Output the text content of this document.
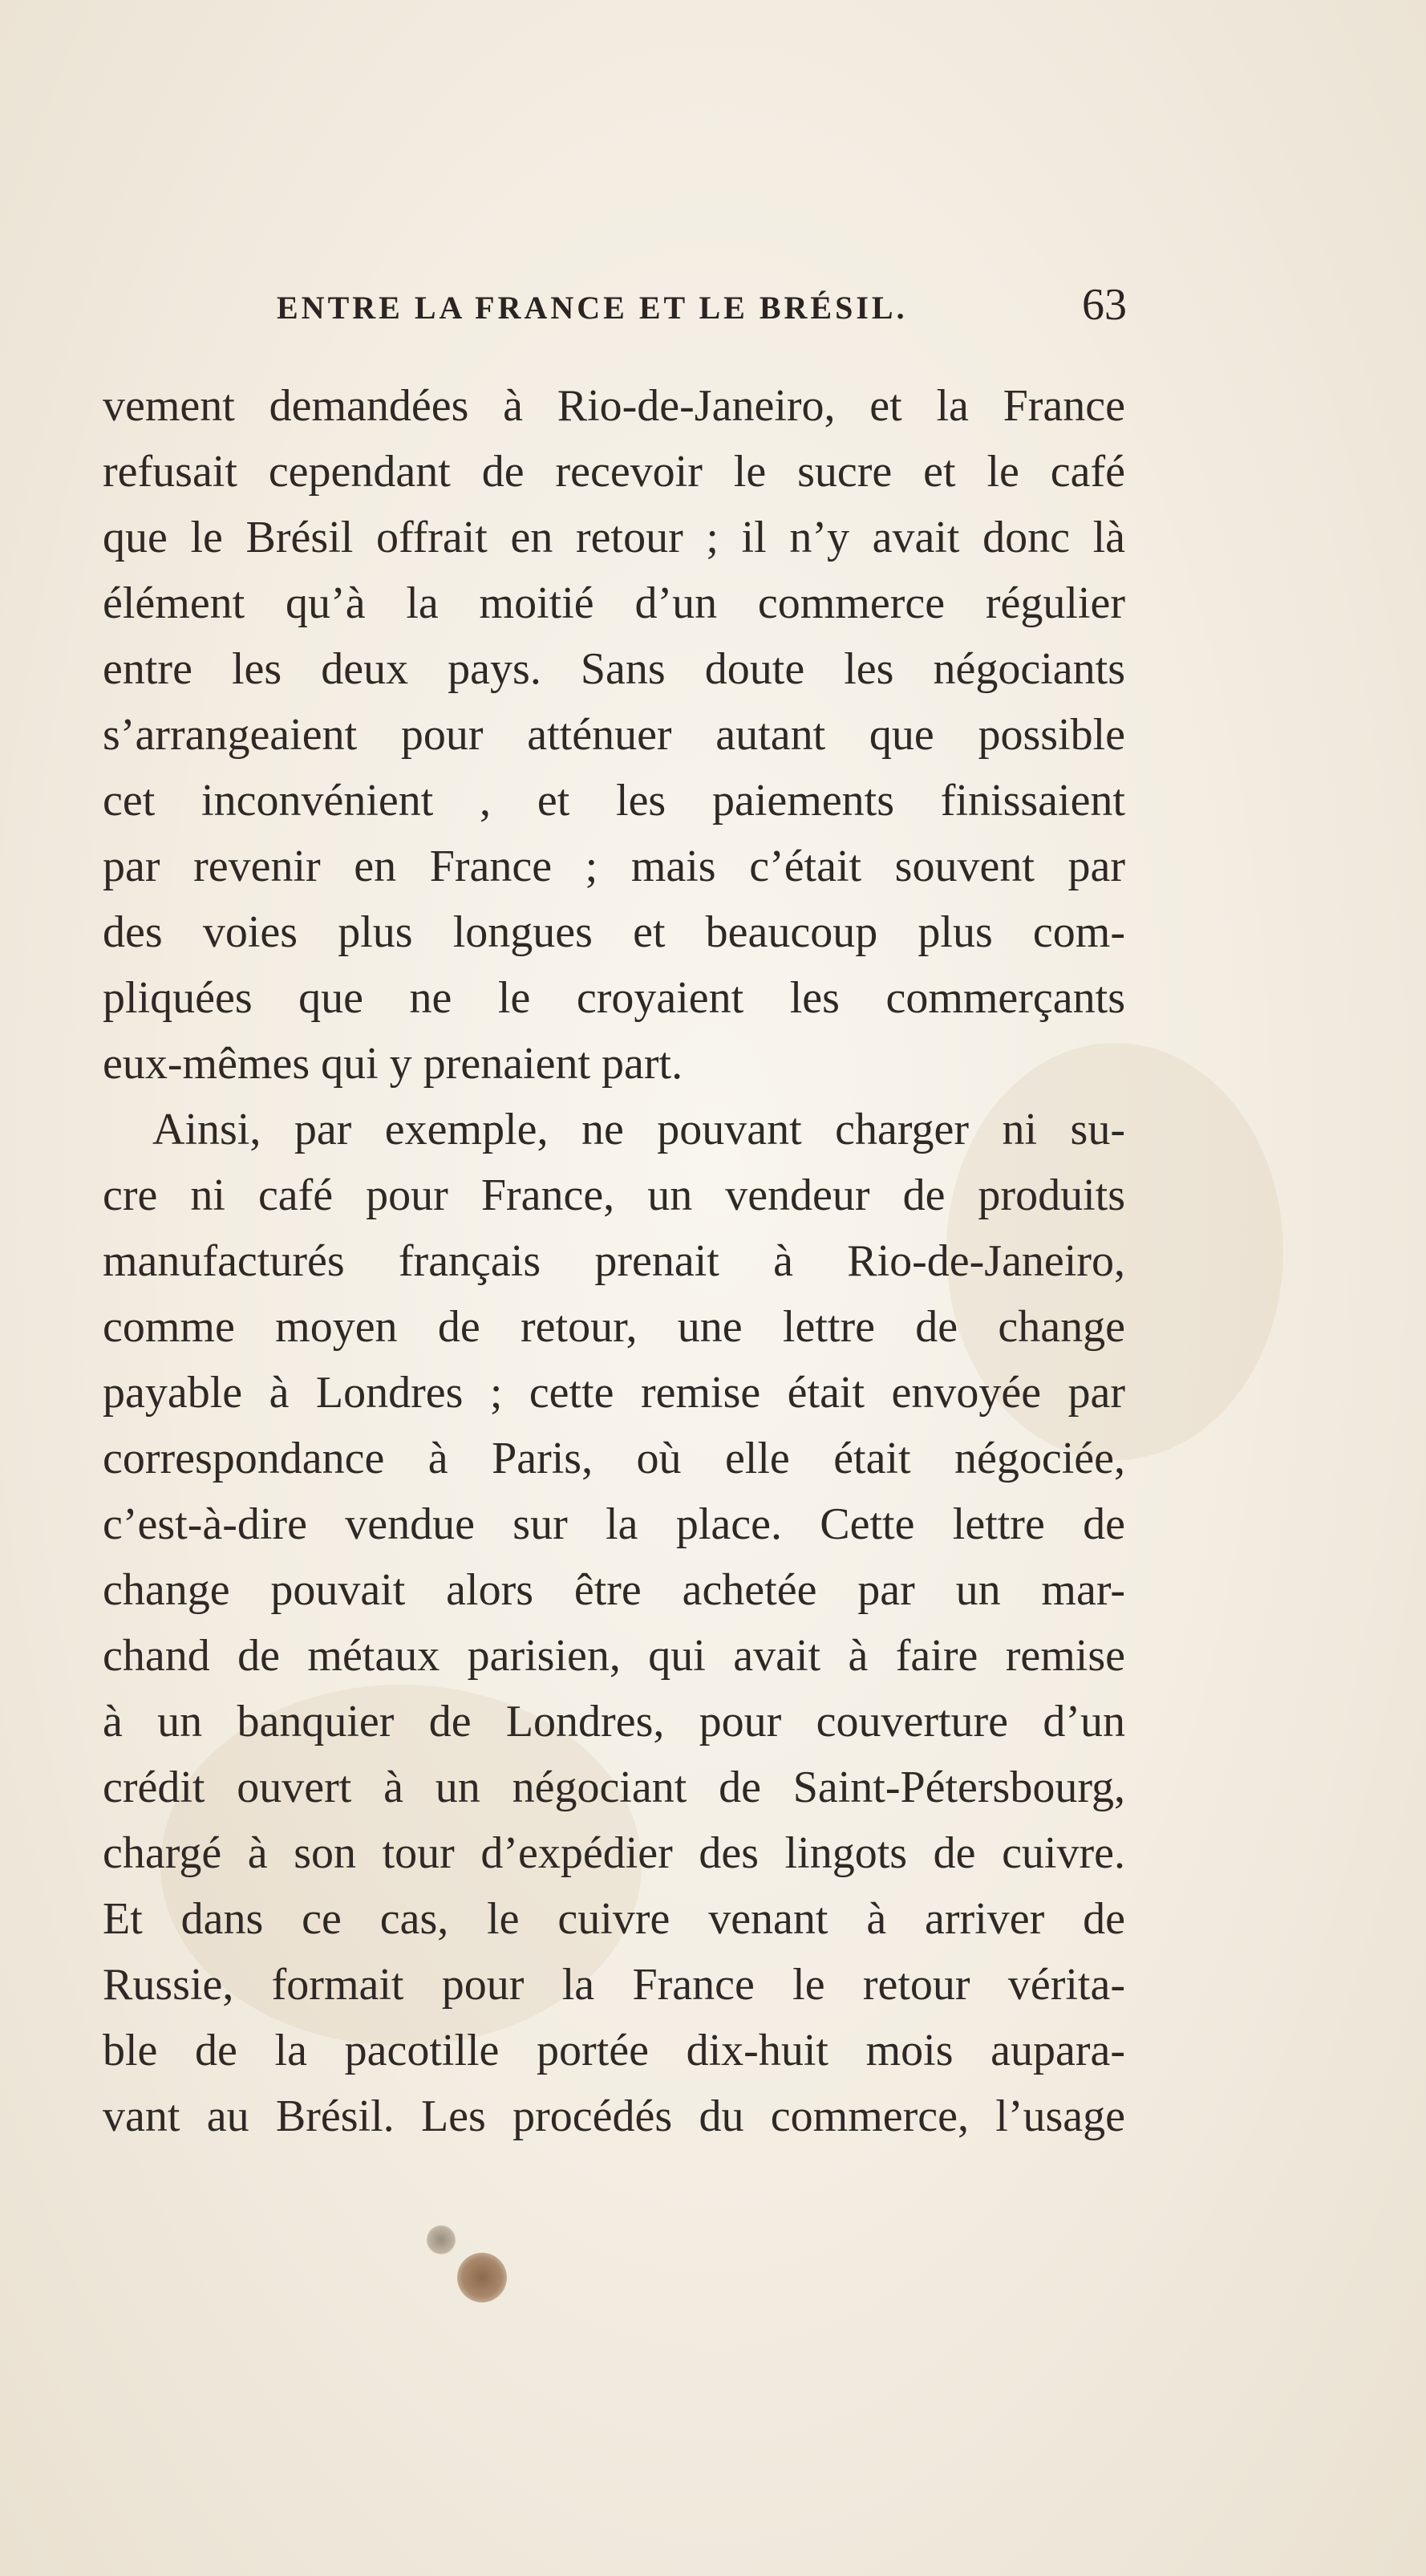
ENTRE LA FRANCE ET LE BRÉSIL.	63
vement demandées à Rio-de-Janeiro, et la France
refusait cependant de recevoir le sucre et le café
que le Brésil offrait en retour ; il n’y avait donc là
élément qu’à la moitié d’un commerce régulier
entre les deux pays. Sans doute les négociants
s’arrangeaient pour atténuer autant que possible
cet inconvénient , et les paiements finissaient
par revenir en France ; mais c’était souvent par
des voies plus longues et beaucoup plus com-
pliquées que ne le croyaient les commerçants
eux-mêmes qui y prenaient part.
Ainsi, par exemple, ne pouvant charger ni su-
cre ni café pour France, un vendeur de produits
manufacturés français prenait à Rio-de-Janeiro,
comme moyen de retour, une lettre de change
payable à Londres ; cette remise était envoyée par
correspondance à Paris, où elle était négociée,
c’est-à-dire vendue sur la place. Cette lettre de
change pouvait alors être achetée par un mar-
chand de métaux parisien, qui avait à faire remise
à un banquier de Londres, pour couverture d’un
crédit ouvert à un négociant de Saint-Pétersbourg,
chargé à son tour d’expédier des lingots de cuivre.
Et dans ce cas, le cuivre venant à arriver de
Russie, formait pour la France le retour vérita-
ble de la pacotille portée dix-huit mois aupara-
vant au Brésil. Les procédés du commerce, l’usage
